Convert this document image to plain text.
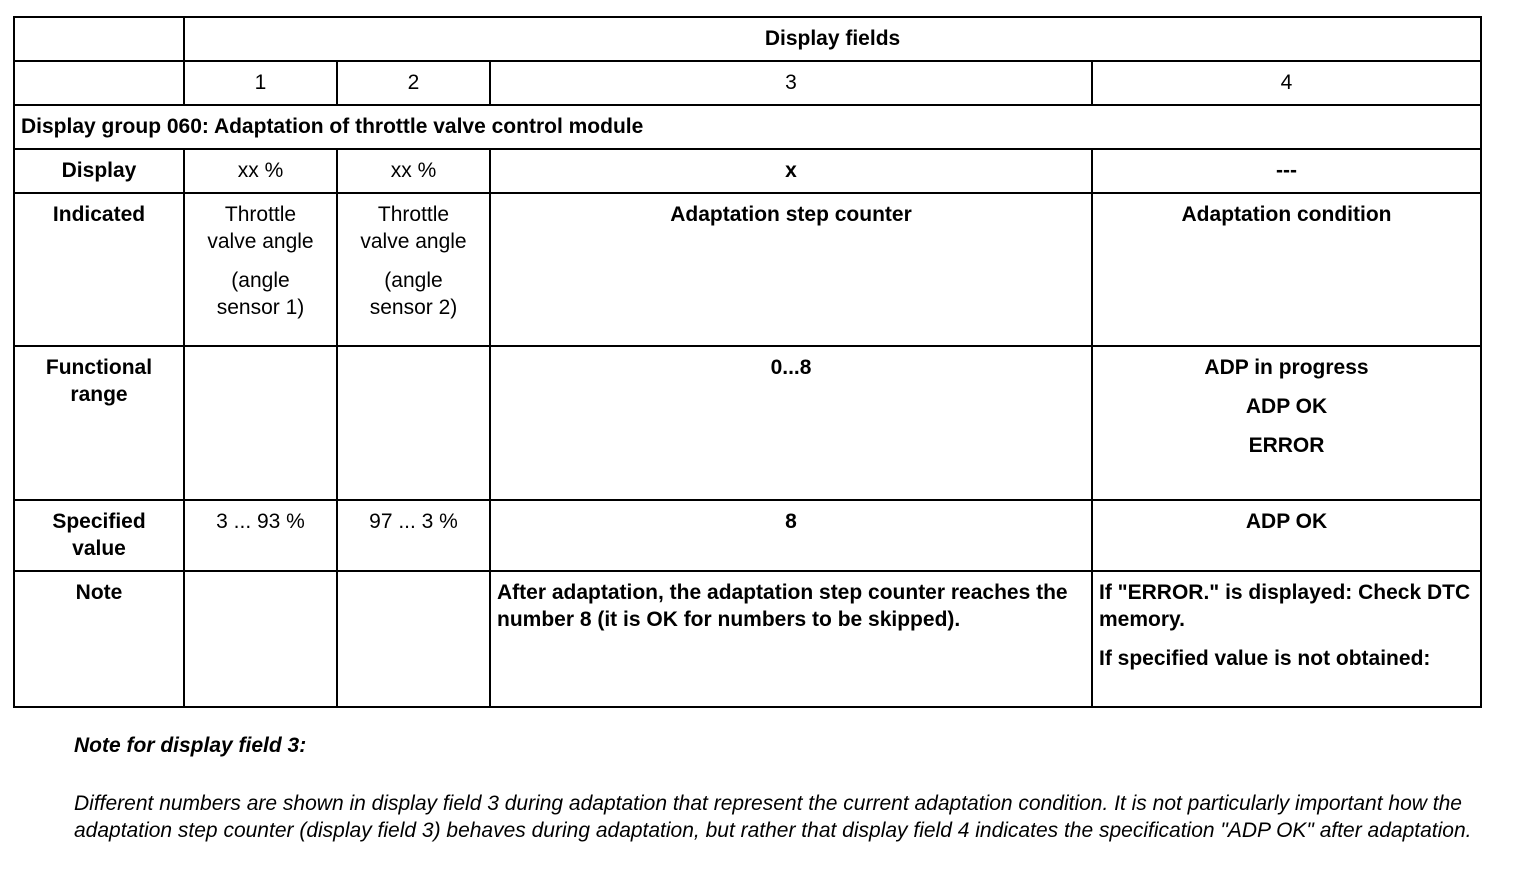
	Display fields			
	1	2	3	4
Display group 060: Adaptation of throttle valve control module				
Display	xx %	xx %	x	---
Indicated	Throttle
valve angle
(angle
sensor 1)	Throttle
valve angle
(angle
sensor 2)	Adaptation step counter	Adaptation condition

Functional
range			0...8	ADP in progress
ADP OK
ERROR

Specified
value	3 ... 93 %	97 ... 3 %	8	ADP OK
Note			After adaptation, the adaptation step counter reaches the number 8 (it is OK for numbers to be skipped).	If "ERROR." is displayed: Check DTC memory.
If specified value is not obtained:

Note for display field 3:

Different numbers are shown in display field 3 during adaptation that represent the current adaptation condition. It is not particularly important how the adaptation step counter (display field 3) behaves during adaptation, but rather that display field 4 indicates the specification "ADP OK" after adaptation.
